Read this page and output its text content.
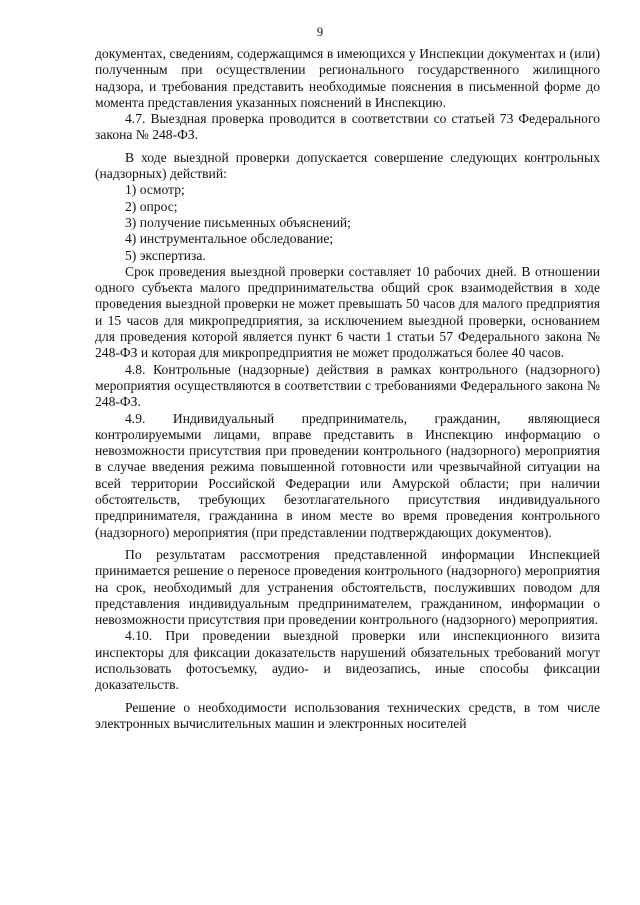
9

документах, сведениям, содержащимся в имеющихся у Инспекции документах и (или) полученным при осуществлении регионального государственного жилищного надзора, и требования представить необходимые пояснения в письменной форме до момента представления указанных пояснений в Инспекцию.

4.7. Выездная проверка проводится в соответствии со статьей 73 Федерального закона № 248-ФЗ.

В ходе выездной проверки допускается совершение следующих контрольных (надзорных) действий:

1) осмотр;

2) опрос;

3) получение письменных объяснений;

4) инструментальное обследование;

5) экспертиза.

Срок проведения выездной проверки составляет 10 рабочих дней. В отношении одного субъекта малого предпринимательства общий срок взаимодействия в ходе проведения выездной проверки не может превышать 50 часов для малого предприятия и 15 часов для микропредприятия, за исключением выездной проверки, основанием для проведения которой является пункт 6 части 1 статьи 57 Федерального закона № 248-ФЗ и которая для микропредприятия не может продолжаться более 40 часов.

4.8. Контрольные (надзорные) действия в рамках контрольного (надзорного) мероприятия осуществляются в соответствии с требованиями Федерального закона № 248-ФЗ.

4.9. Индивидуальный предприниматель, гражданин, являющиеся контролируемыми лицами, вправе представить в Инспекцию информацию о невозможности присутствия при проведении контрольного (надзорного) мероприятия в случае введения режима повышенной готовности или чрезвычайной ситуации на всей территории Российской Федерации или Амурской области; при наличии обстоятельств, требующих безотлагательного присутствия индивидуального предпринимателя, гражданина в ином месте во время проведения контрольного (надзорного) мероприятия (при представлении подтверждающих документов).

По результатам рассмотрения представленной информации Инспекцией принимается решение о переносе проведения контрольного (надзорного) мероприятия на срок, необходимый для устранения обстоятельств, послуживших поводом для представления индивидуальным предпринимателем, гражданином, информации о невозможности присутствия при проведении контрольного (надзорного) мероприятия.

4.10. При проведении выездной проверки или инспекционного визита инспекторы для фиксации доказательств нарушений обязательных требований могут использовать фотосъемку, аудио- и видеозапись, иные способы фиксации доказательств.

Решение о необходимости использования технических средств, в том числе электронных вычислительных машин и электронных носителей
